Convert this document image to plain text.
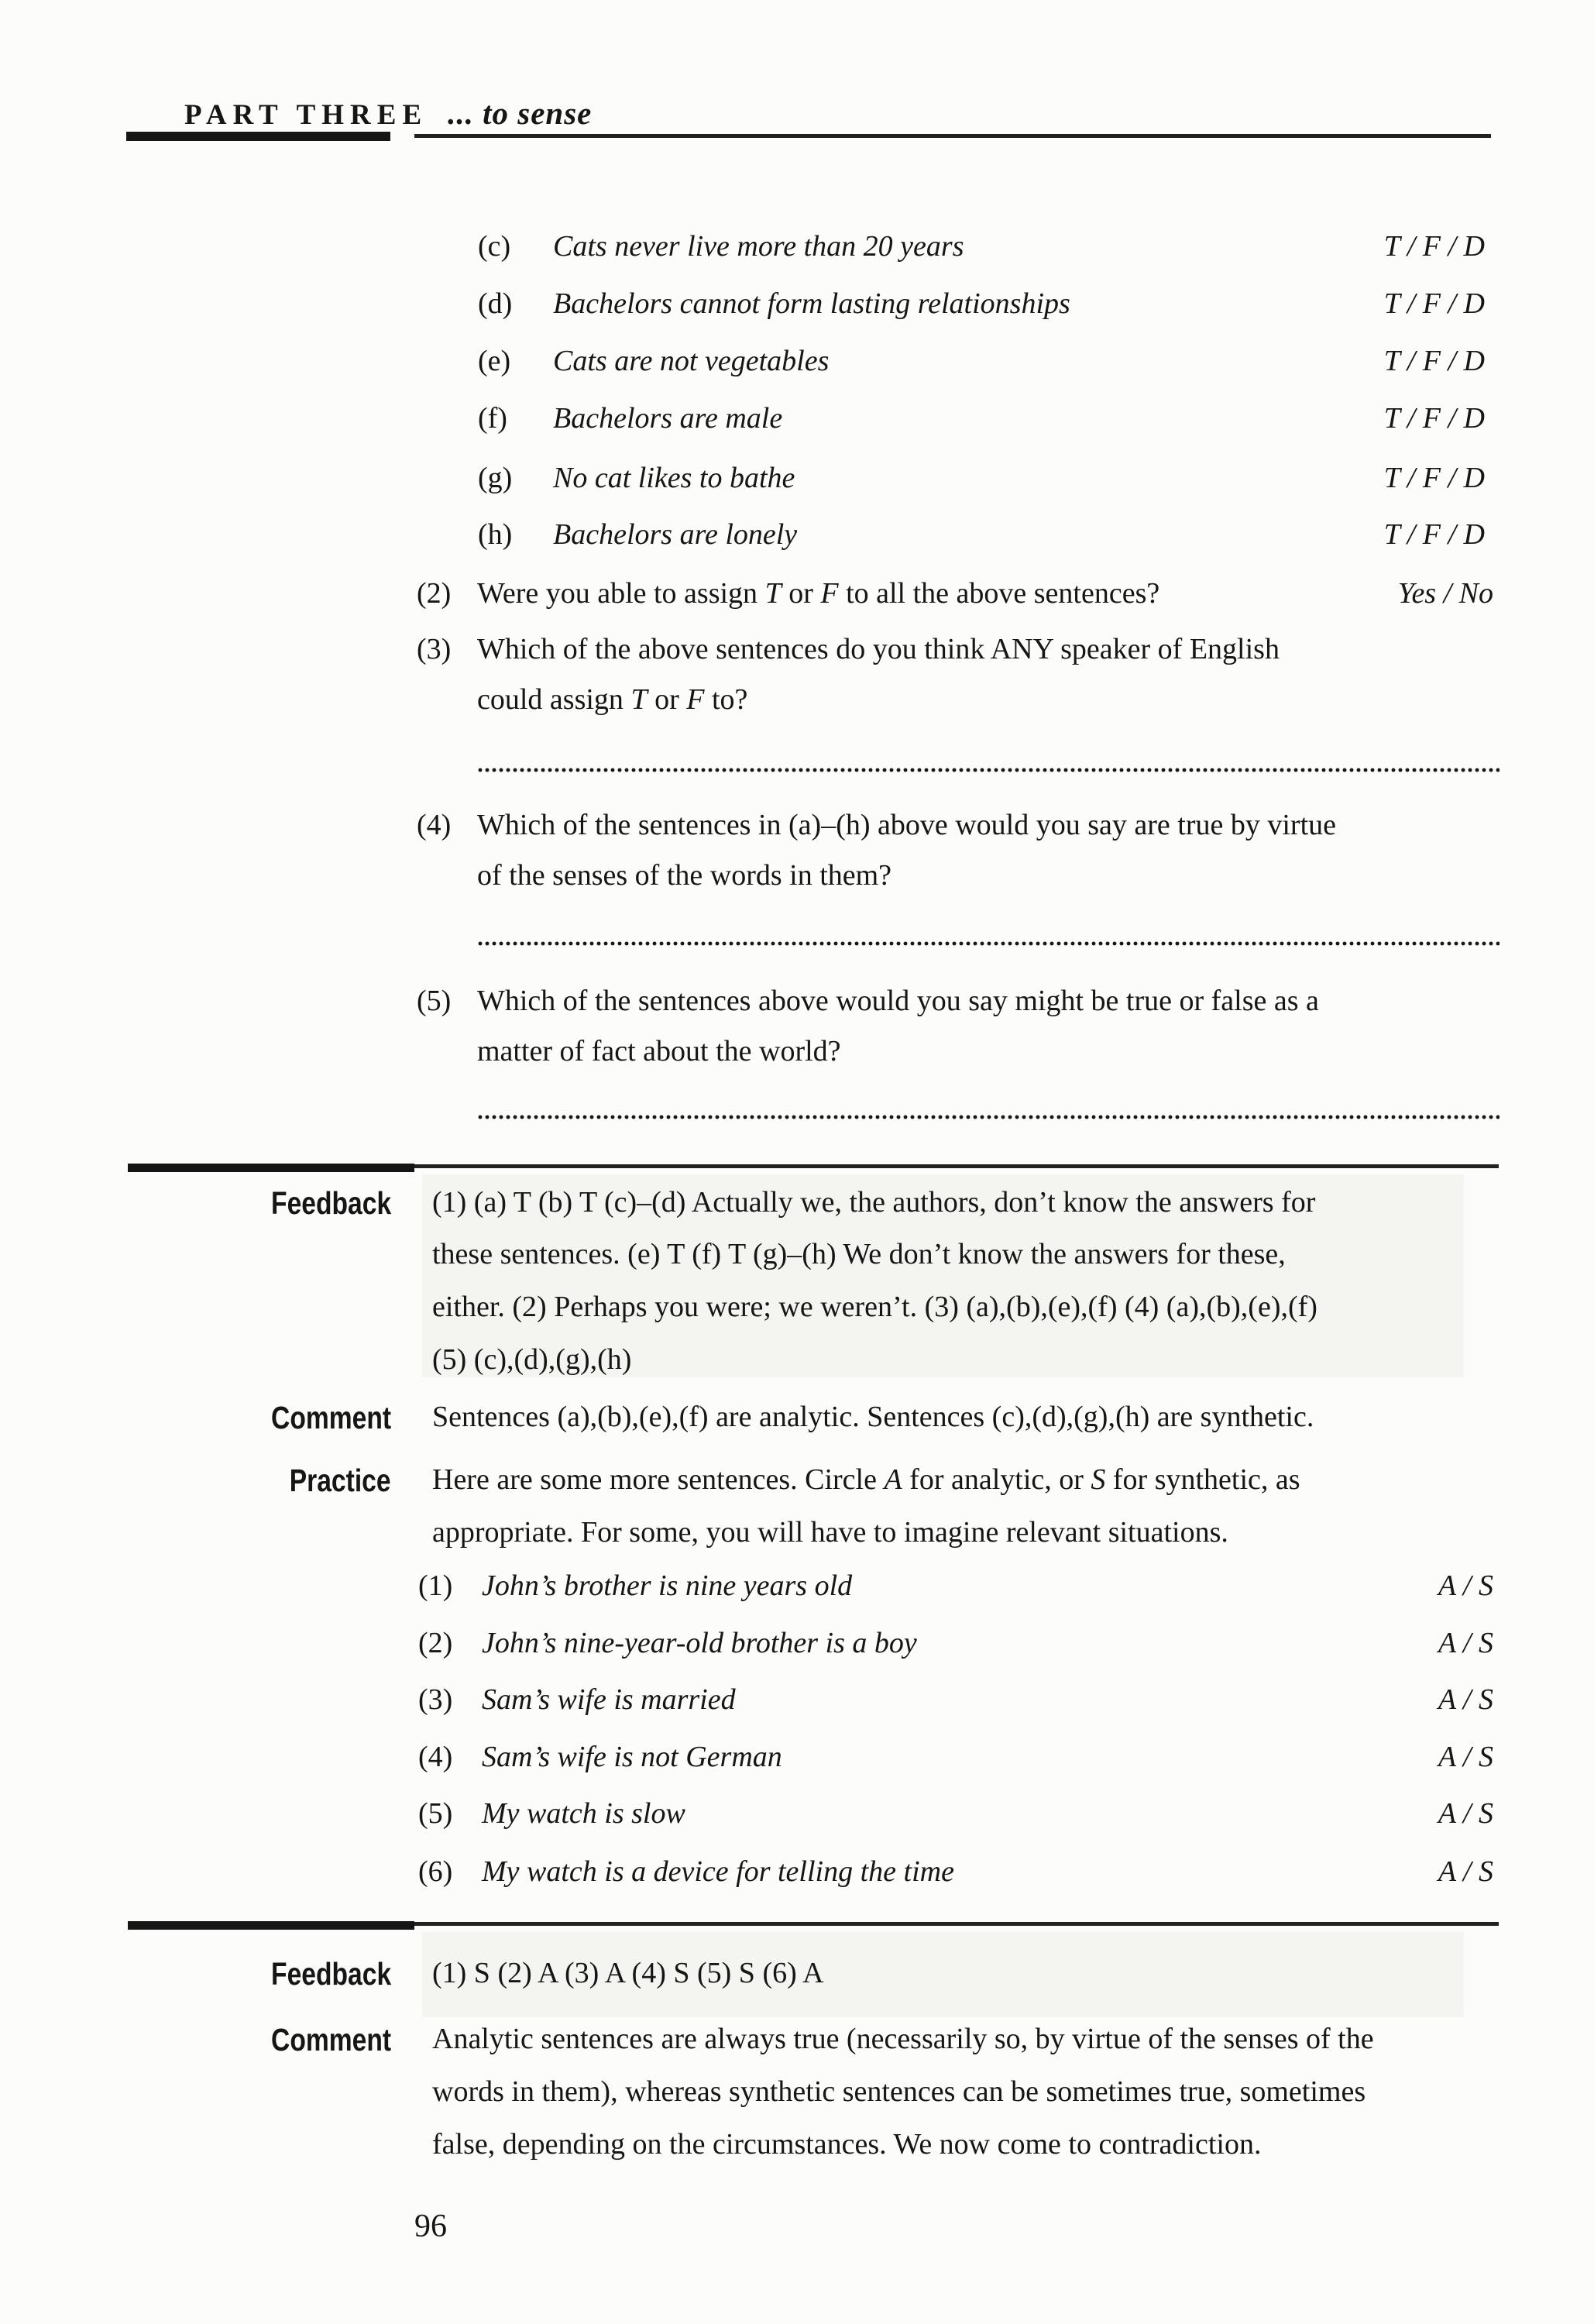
PART THREE ... to sense
(c) Cats never live more than 20 years	T / F / D
(d) Bachelors cannot form lasting relationships	T / F / D
(e) Cats are not vegetables	T / F / D
(f) Bachelors are male	T / F / D
(g) No cat likes to bathe	T / F / D
(h) Bachelors are lonely	T / F / D
(2) Were you able to assign T or F to all the above sentences?	Yes / No
(3) Which of the above sentences do you think ANY speaker of English
could assign T or F to?
(4) Which of the sentences in (a)–(h) above would you say are true by virtue
of the senses of the words in them?
(5) Which of the sentences above would you say might be true or false as a
matter of fact about the world?
Feedback (1) (a) T (b) T (c)–(d) Actually we, the authors, don’t know the answers for
these sentences. (e) T (f) T (g)–(h) We don’t know the answers for these,
either. (2) Perhaps you were; we weren’t. (3) (a),(b),(e),(f) (4) (a),(b),(e),(f)
(5) (c),(d),(g),(h)
Comment Sentences (a),(b),(e),(f) are analytic. Sentences (c),(d),(g),(h) are synthetic.
Practice Here are some more sentences. Circle A for analytic, or S for synthetic, as
appropriate. For some, you will have to imagine relevant situations.
(1) John’s brother is nine years old	A / S
(2) John’s nine-year-old brother is a boy	A / S
(3) Sam’s wife is married	A / S
(4) Sam’s wife is not German	A / S
(5) My watch is slow	A / S
(6) My watch is a device for telling the time	A / S
Feedback (1) S (2) A (3) A (4) S (5) S (6) A
Comment Analytic sentences are always true (necessarily so, by virtue of the senses of the
words in them), whereas synthetic sentences can be sometimes true, sometimes
false, depending on the circumstances. We now come to contradiction.
96
